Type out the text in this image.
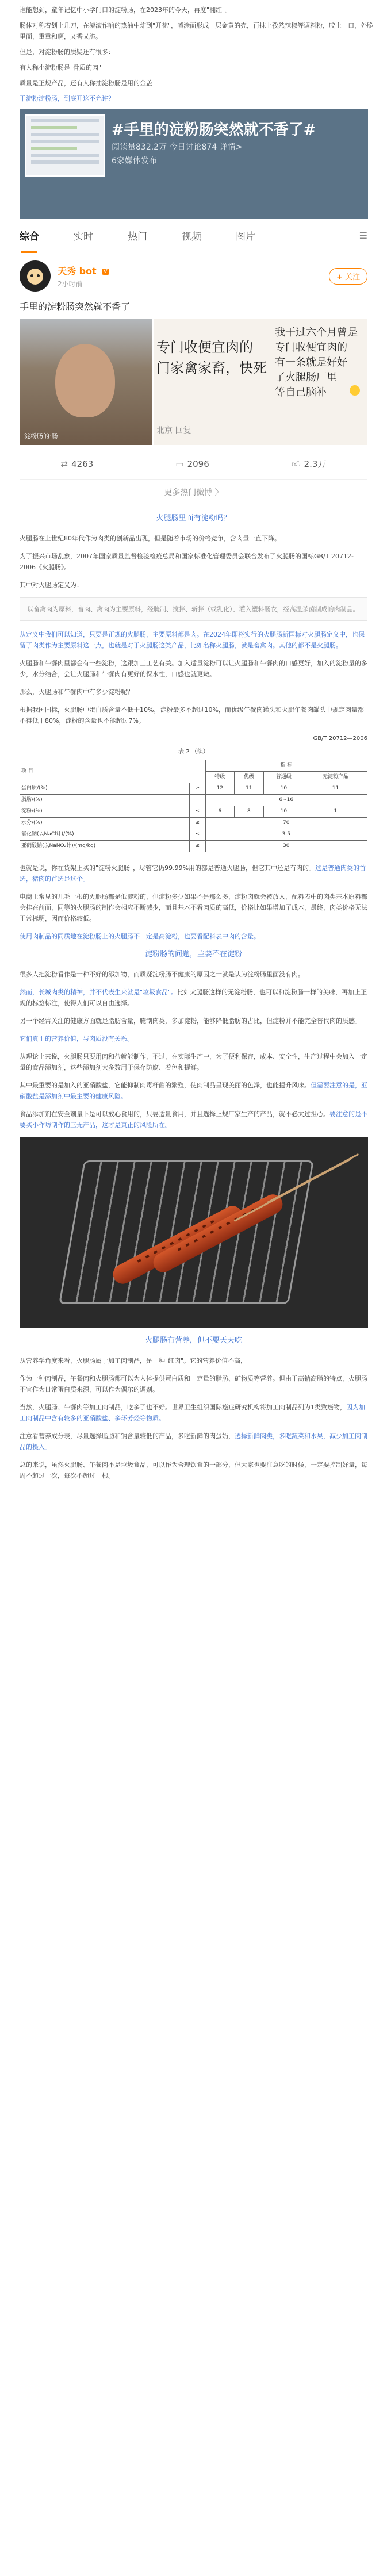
谁能想到，童年记忆中小学门口的淀粉肠，在2023年的今天，再度"翻红"。

肠体对称着划上几刀，在滚滚作响的热油中炸到"开花"，喷涂面形成一层金黄的壳，再抹上孜然辣椒等调料粉，咬上一口，外脆里面，重重和啊，又香又脆。

但是，对淀粉肠的质疑还有很多：

有人称小淀粉肠是"骨质的肉"

质量是正规产品，还有人称抽淀粉肠是用的金盖

干淀粉淀粉肠，到底开这不允许？

#手里的淀粉肠突然就不香了#
阅读量832.2万 今日讨论874 详情>
6家媒体发布
综合	实时	热门	视频	图片	☰
天秀 bot V
2小时前
+ 关注
手里的淀粉肠突然就不香了
淀粉肠的·肠
专门收便宜肉的
门家禽家畜，快死
我干过六个月曾是
专门收便宜肉的
有一条就是好好
了火腿肠厂里
等自己脑补
北京 回复
⇄ 4263	▭ 2096	👍︎ 2.3万
更多热门微博 〉
火腿肠里面有淀粉吗？

火腿肠在上世纪80年代作为肉类的创新品出现，但是随着市场的价格竞争，含肉量一直下降。

为了振兴市场乱象，2007年国家质量监督检验检疫总局和国家标准化管理委员会联合发布了火腿肠的国标GB/T 20712-2006《火腿肠》。

其中对火腿肠定义为：

以畜禽肉为原料，畜肉、禽肉为主要原料，经腌制、搅拌、斩拌（或乳化）、灌入塑料肠衣，经高温杀菌制成的肉制品。

从定义中我们可以知道，只要是正规的火腿肠，主要原料都是肉。在2024年即将实行的火腿肠新国标对火腿肠定义中，也保留了肉类作为主要原料这一点，也就是对于火腿肠这类产品，比如名称火腿肠，就是畜禽肉。其他的都不是火腿肠。

火腿肠和午餐肉里都会有一些淀粉，这跟加工工艺有关。加入适量淀粉可以让火腿肠和午餐肉的口感更好，加入的淀粉量的多少，水分结合，会让火腿肠和午餐肉有更好的保水性，口感也就更嫩。

那么，火腿肠和午餐肉中有多少淀粉呢？

根据我国国标，火腿肠中蛋白质含量不低于10%，淀粉最多不超过10%，而优级午餐肉罐头和火腿午餐肉罐头中规定肉量都不得低于80%，淀粉的含量也不能超过7%。

GB/T 20712—2006
表 2 （续）
项 目		指 标			
		特级	优级	普通级	无淀粉产品
蛋白质/(%)	≥	12	11	10	11
脂肪/(%)		6~16			
淀粉/(%)	≤	6	8	10	1
水分/(%)	≤	70			
氯化钠(以NaCl计)/(%)	≤	3.5			
亚硝酸钠(以NaNO₂计)/(mg/kg)	≤	30			

也就是说，你在货架上买的"淀粉火腿肠"，尽管它仍99.99%用的都是普通火腿肠，但它其中还是有肉的。这是普通肉类的首选，猪肉的首选是这个。

电商上常见的几毛一根的火腿肠都是低淀粉的，但淀粉多少如果不是那么多，淀粉肉就会被放入，配料表中的肉类基本原料都会挂在前面，同等的火腿肠的制作会相应不断减少，而且基本不看肉质的高低，价格比如果增加了成本，最终，肉类价格无法正常标明，因而价格较低。

使用肉制品的同质地在淀粉肠上的火腿肠不一定是高淀粉，也要看配料表中肉的含量。

淀粉肠的问题，主要不在淀粉

很多人把淀粉看作是一种不好的添加物，而质疑淀粉肠不健康的原因之一就是认为淀粉肠里面没有肉。

然而，长城肉类的精神，并不代表生来就是"垃圾食品"。比如火腿肠这样的无淀粉肠，也可以和淀粉肠一样的美味，再加上正规的标签标注，使得人们可以自由选择。

另一个经常关注的健康方面就是脂肪含量，腌制肉类，多加淀粉，能够降低脂肪的占比，但淀粉并不能完全替代肉的质感。

它们真正的营养价值，与肉质没有关系。

从理论上来说，火腿肠只要用肉和盐就能制作，不过，在实际生产中，为了便利保存，成本、安全性，生产过程中会加入一定量的食品添加剂，这些添加剂大多数用于保存防腐、着色和提鲜。

其中最重要的是加入的亚硝酸盐，它能抑制肉毒杆菌的繁殖，使肉制品呈现美丽的色泽，也能提升风味。但需要注意的是，亚硝酸盐是添加剂中最主要的健康风险。

食品添加剂在安全剂量下是可以放心食用的，只要适量食用，并且选择正规厂家生产的产品，就不必太过担心。要注意的是不要买小作坊制作的三无产品，这才是真正的风险所在。

火腿肠有营养，但不要天天吃

从营养学角度来看，火腿肠属于加工肉制品，是一种"红肉"。它的营养价值不高，

作为一种肉制品，午餐肉和火腿肠都可以为人体提供蛋白质和一定量的脂肪、矿物质等营养。但由于高钠高脂的特点，火腿肠不宜作为日常蛋白质来源，可以作为偶尔的调剂。

当然，火腿肠、午餐肉等加工肉制品，吃多了也不好。世界卫生组织国际癌症研究机构将加工肉制品列为1类致癌物，因为加工肉制品中含有较多的亚硝酸盐、多环芳烃等物质。

注意看营养成分表，尽量选择脂肪和钠含量较低的产品，多吃新鲜的肉蛋奶，选择新鲜肉类，多吃蔬菜和水果，减少加工肉制品的摄入。

总的来说，虽然火腿肠、午餐肉不是垃圾食品，可以作为合理饮食的一部分，但大家也要注意吃的时候，一定要控制好量，每周不超过一次，每次不超过一根。
